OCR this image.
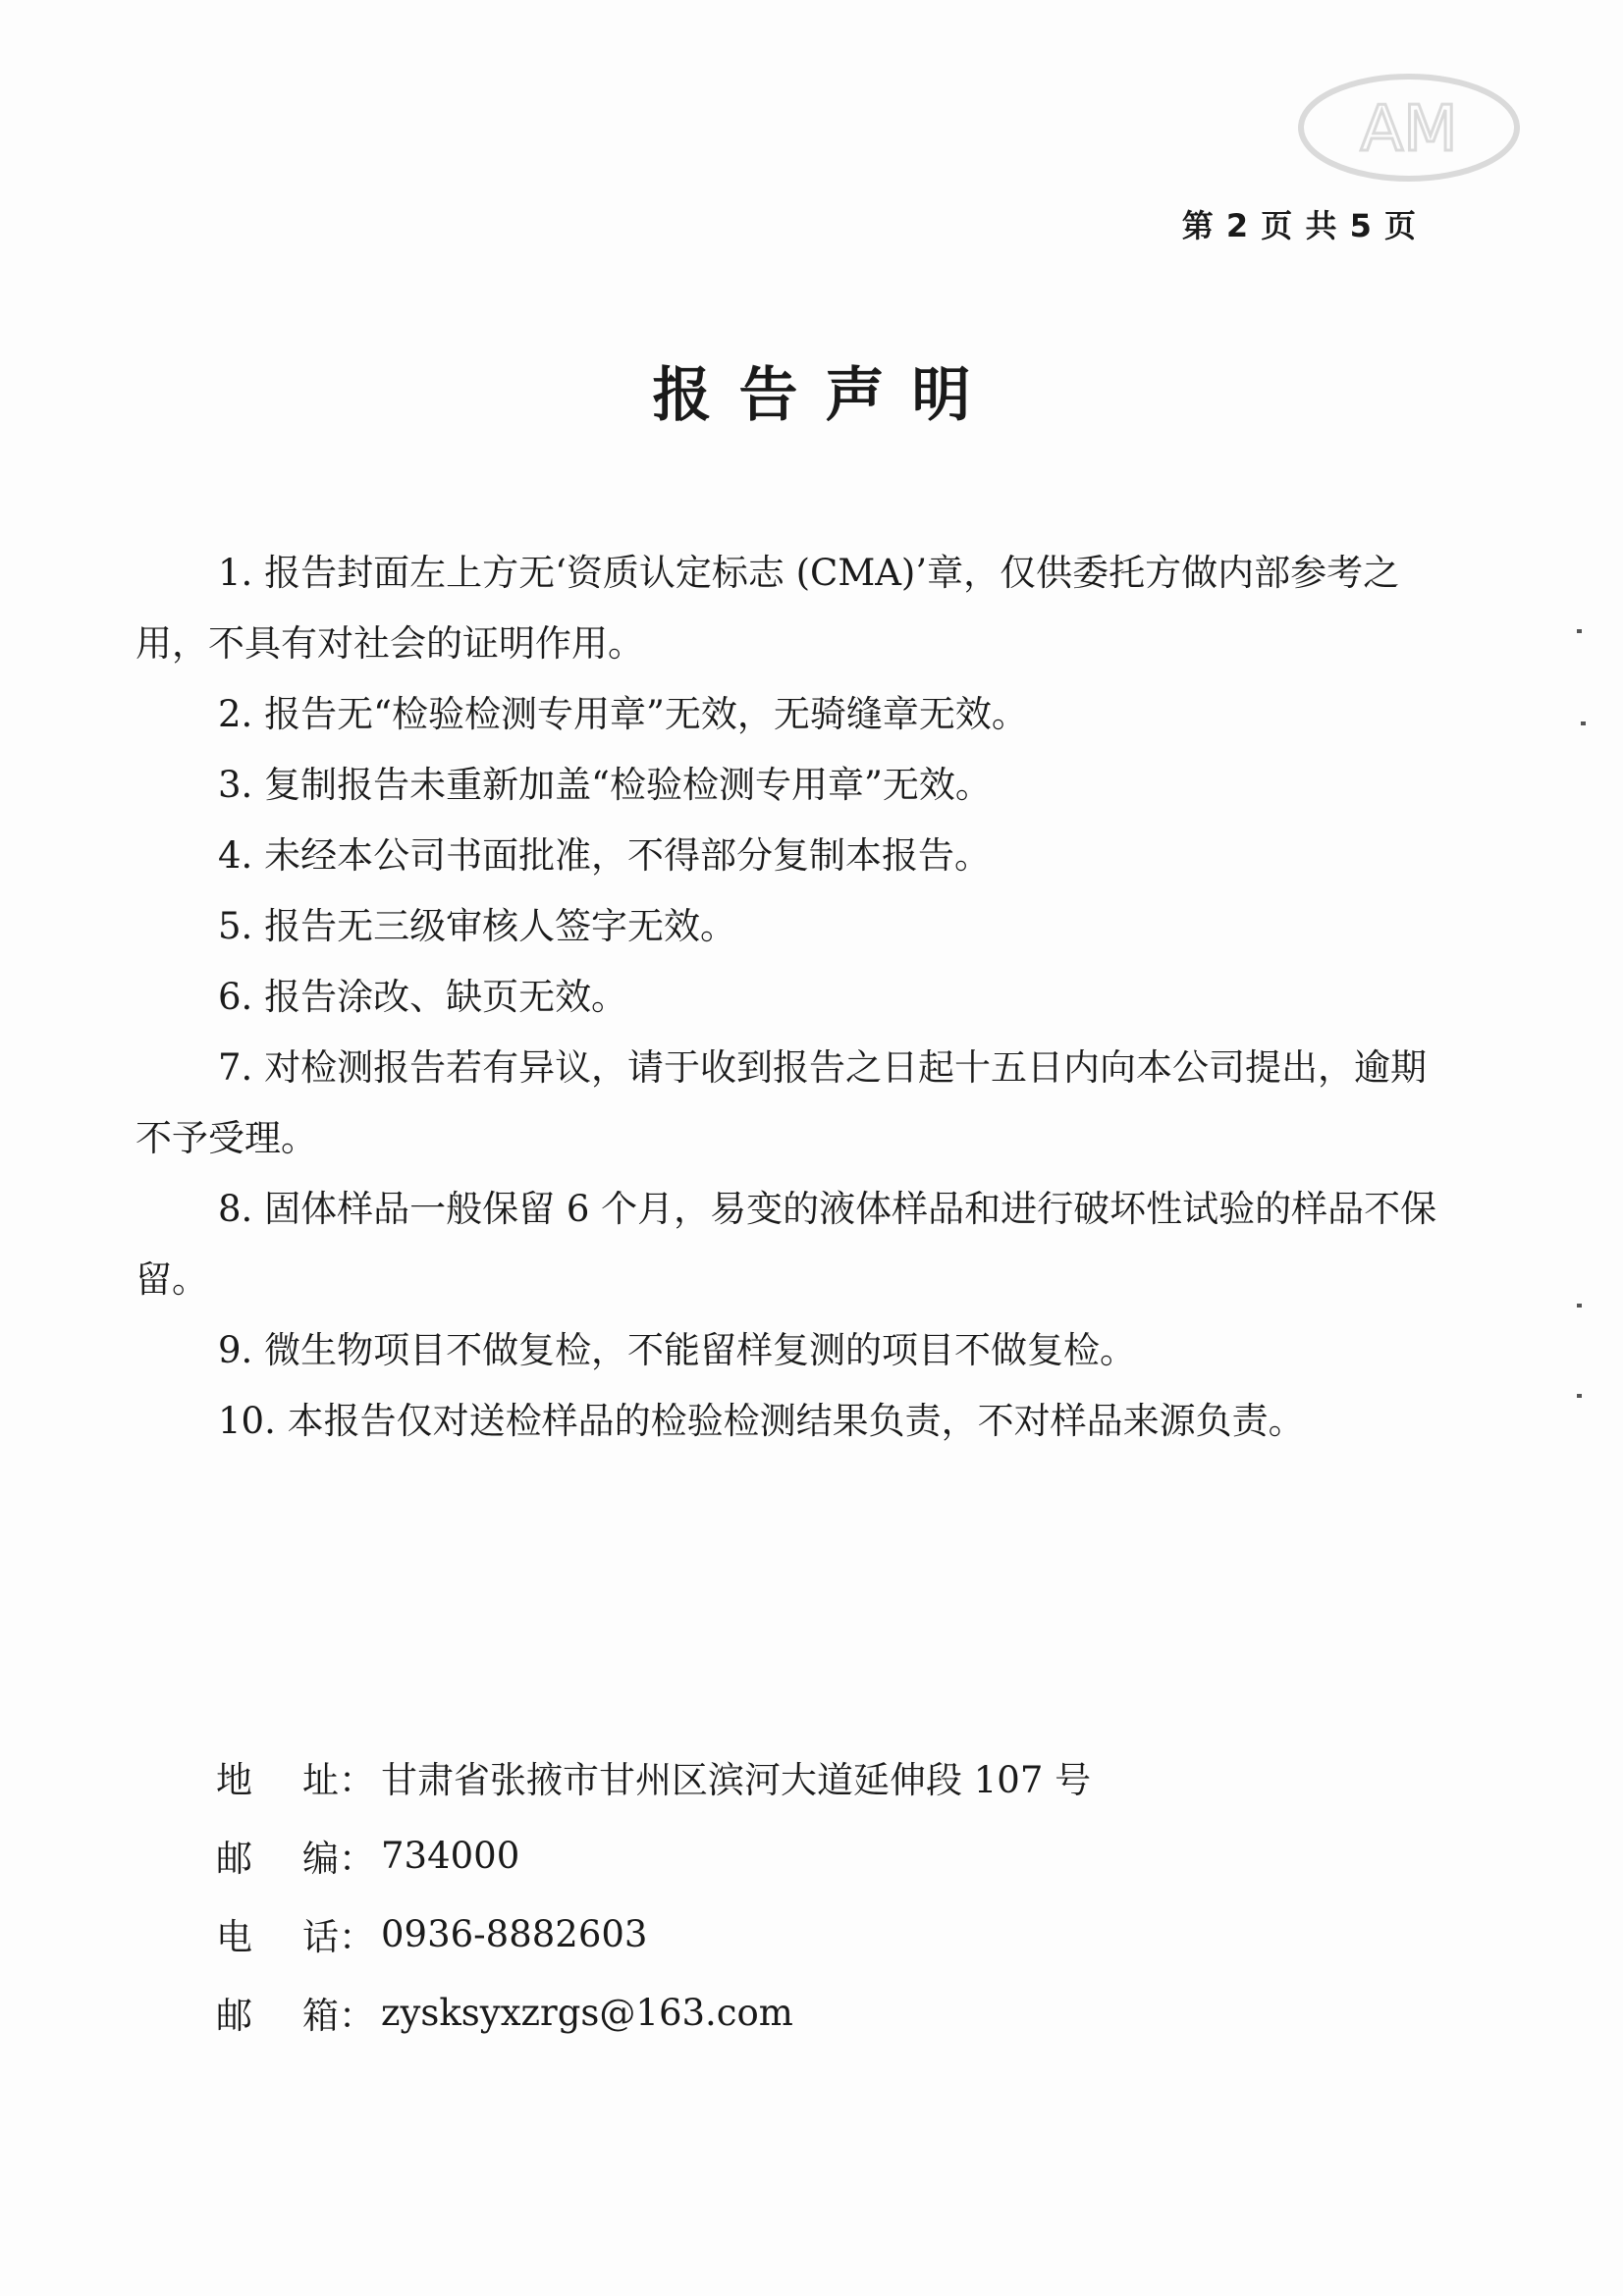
AM
第 2 页 共 5 页
报告声明

1. 报告封面左上方无‘资质认定标志 (CMA)’章，仅供委托方做内部参考之用，不具有对社会的证明作用。

2. 报告无“检验检测专用章”无效，无骑缝章无效。

3. 复制报告未重新加盖“检验检测专用章”无效。

4. 未经本公司书面批准，不得部分复制本报告。

5. 报告无三级审核人签字无效。

6. 报告涂改、缺页无效。

7. 对检测报告若有异议，请于收到报告之日起十五日内向本公司提出，逾期不予受理。

8. 固体样品一般保留 6 个月，易变的液体样品和进行破坏性试验的样品不保留。

9. 微生物项目不做复检，不能留样复测的项目不做复检。

10. 本报告仅对送检样品的检验检测结果负责，不对样品来源负责。

地 址 ： 甘肃省张掖市甘州区滨河大道延伸段 107 号
邮 编 ： 734000
电 话 ： 0936-8882603
邮 箱 ： zysksyxzrgs@163.com
